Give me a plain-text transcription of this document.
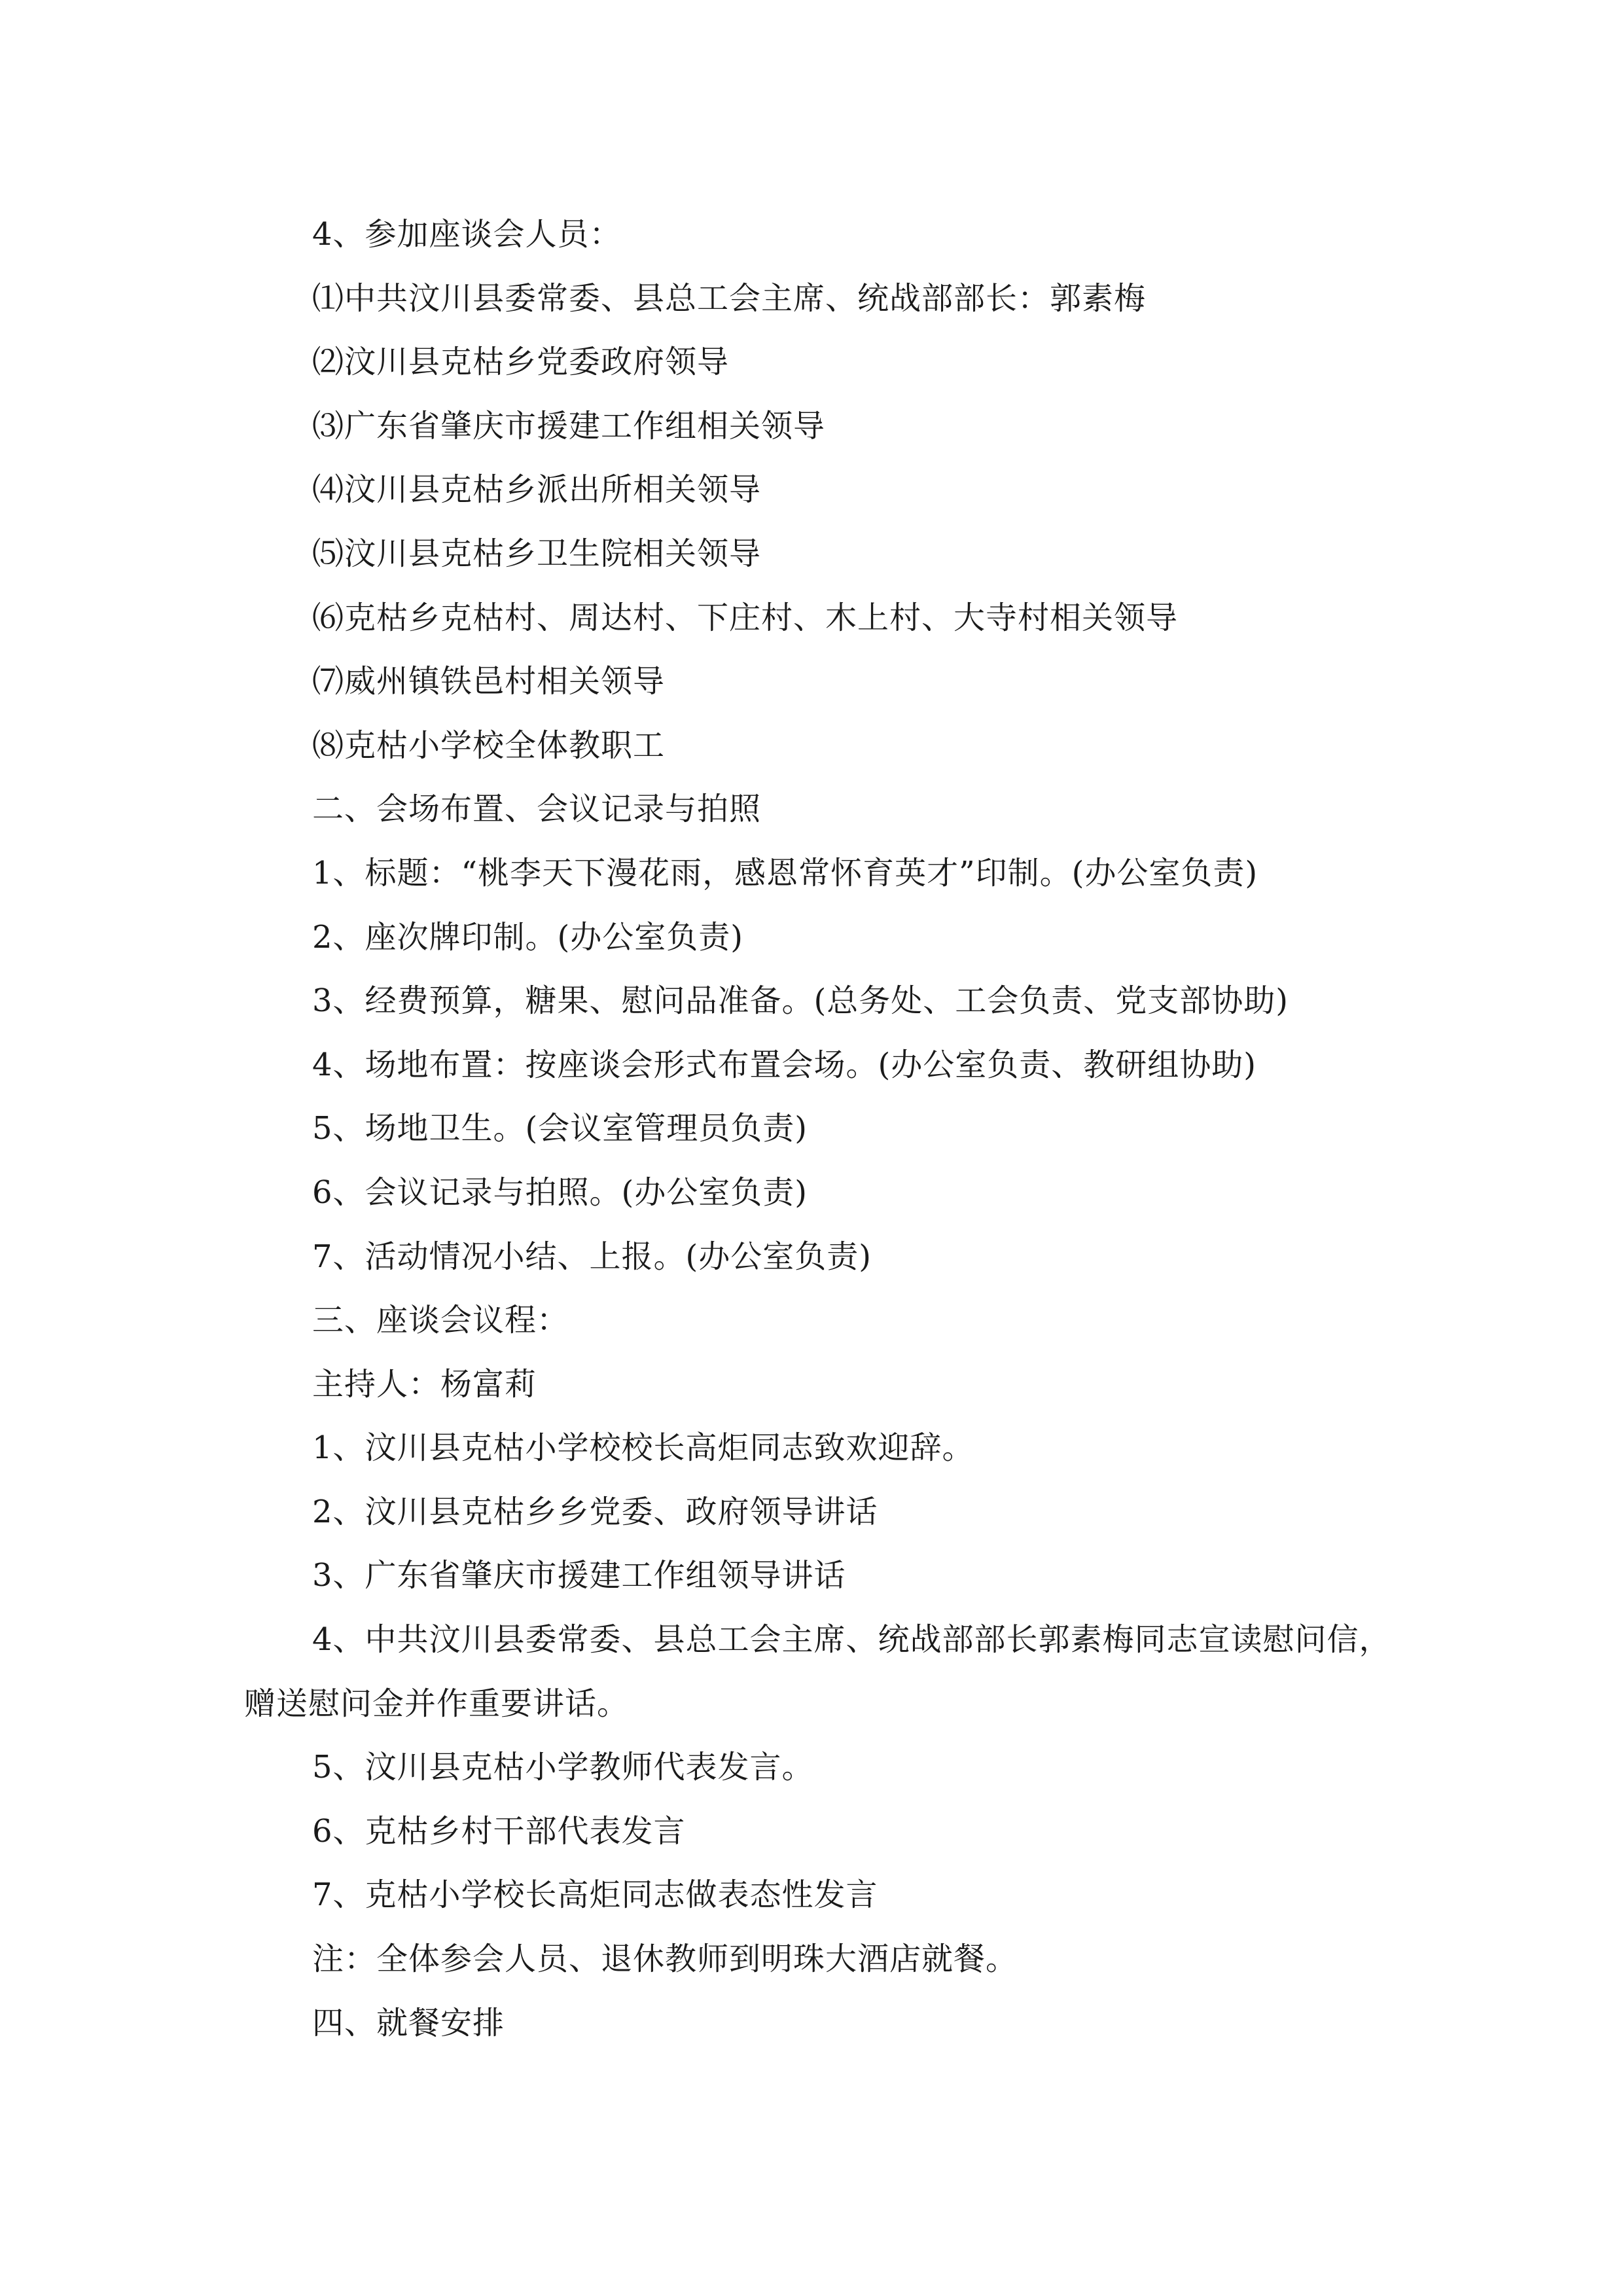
4、参加座谈会人员：
⑴中共汶川县委常委、县总工会主席、统战部部长：郭素梅
⑵汶川县克枯乡党委政府领导
⑶广东省肇庆市援建工作组相关领导
⑷汶川县克枯乡派出所相关领导
⑸汶川县克枯乡卫生院相关领导
⑹克枯乡克枯村、周达村、下庄村、木上村、大寺村相关领导
⑺威州镇铁邑村相关领导
⑻克枯小学校全体教职工
二、会场布置、会议记录与拍照
1、标题：“桃李天下漫花雨，感恩常怀育英才”印制。(办公室负责)
2、座次牌印制。(办公室负责)
3、经费预算，糖果、慰问品准备。(总务处、工会负责、党支部协助)
4、场地布置：按座谈会形式布置会场。(办公室负责、教研组协助)
5、场地卫生。(会议室管理员负责)
6、会议记录与拍照。(办公室负责)
7、活动情况小结、上报。(办公室负责)
三、座谈会议程：
主持人：杨富莉
1、汶川县克枯小学校校长高炬同志致欢迎辞。
2、汶川县克枯乡乡党委、政府领导讲话
3、广东省肇庆市援建工作组领导讲话
4、中共汶川县委常委、县总工会主席、统战部部长郭素梅同志宣读慰问信，
赠送慰问金并作重要讲话。
5、汶川县克枯小学教师代表发言。
6、克枯乡村干部代表发言
7、克枯小学校长高炬同志做表态性发言
注：全体参会人员、退休教师到明珠大酒店就餐。
四、就餐安排
